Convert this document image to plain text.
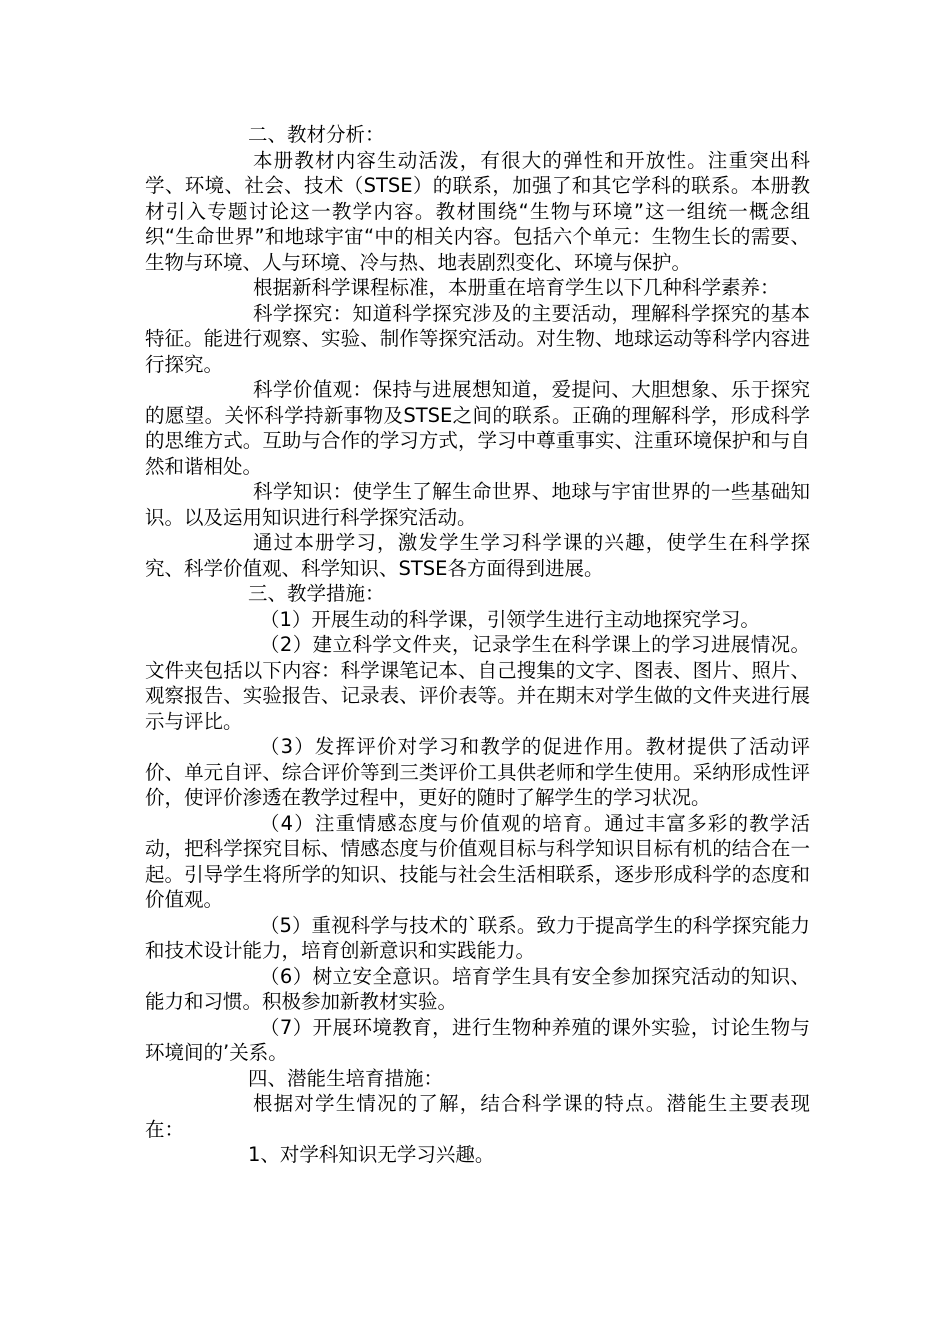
二、教材分析：

本册教材内容生动活泼，有很大的弹性和开放性。注重突出科学、环境、社会、技术（STSE）的联系，加强了和其它学科的联系。本册教材引入专题讨论这一教学内容。教材围绕“生物与环境”这一组统一概念组织“生命世界”和地球宇宙“中的相关内容。包括六个单元：生物生长的需要、生物与环境、人与环境、冷与热、地表剧烈变化、环境与保护。

根据新科学课程标准，本册重在培育学生以下几种科学素养：

科学探究：知道科学探究涉及的主要活动，理解科学探究的基本特征。能进行观察、实验、制作等探究活动。对生物、地球运动等科学内容进行探究。

科学价值观：保持与进展想知道，爱提问、大胆想象、乐于探究的愿望。关怀科学持新事物及STSE之间的联系。正确的理解科学，形成科学的思维方式。互助与合作的学习方式，学习中尊重事实、注重环境保护和与自然和谐相处。

科学知识：使学生了解生命世界、地球与宇宙世界的一些基础知识。以及运用知识进行科学探究活动。

通过本册学习，激发学生学习科学课的兴趣，使学生在科学探究、科学价值观、科学知识、STSE各方面得到进展。

三、教学措施：

（1）开展生动的科学课，引领学生进行主动地探究学习。

（2）建立科学文件夹，记录学生在科学课上的学习进展情况。文件夹包括以下内容：科学课笔记本、自己搜集的文字、图表、图片、照片、观察报告、实验报告、记录表、评价表等。并在期末对学生做的文件夹进行展示与评比。

（3）发挥评价对学习和教学的促进作用。教材提供了活动评价、单元自评、综合评价等到三类评价工具供老师和学生使用。采纳形成性评价，使评价渗透在教学过程中，更好的随时了解学生的学习状况。

（4）注重情感态度与价值观的培育。通过丰富多彩的教学活动，把科学探究目标、情感态度与价值观目标与科学知识目标有机的结合在一起。引导学生将所学的知识、技能与社会生活相联系，逐步形成科学的态度和价值观。

（5）重视科学与技术的`联系。致力于提高学生的科学探究能力和技术设计能力，培育创新意识和实践能力。

（6）树立安全意识。培育学生具有安全参加探究活动的知识、能力和习惯。积极参加新教材实验。

（7）开展环境教育，进行生物种养殖的课外实验，讨论生物与环境间的’关系。

四、潜能生培育措施：

根据对学生情况的了解，结合科学课的特点。潜能生主要表现在：

1、对学科知识无学习兴趣。
